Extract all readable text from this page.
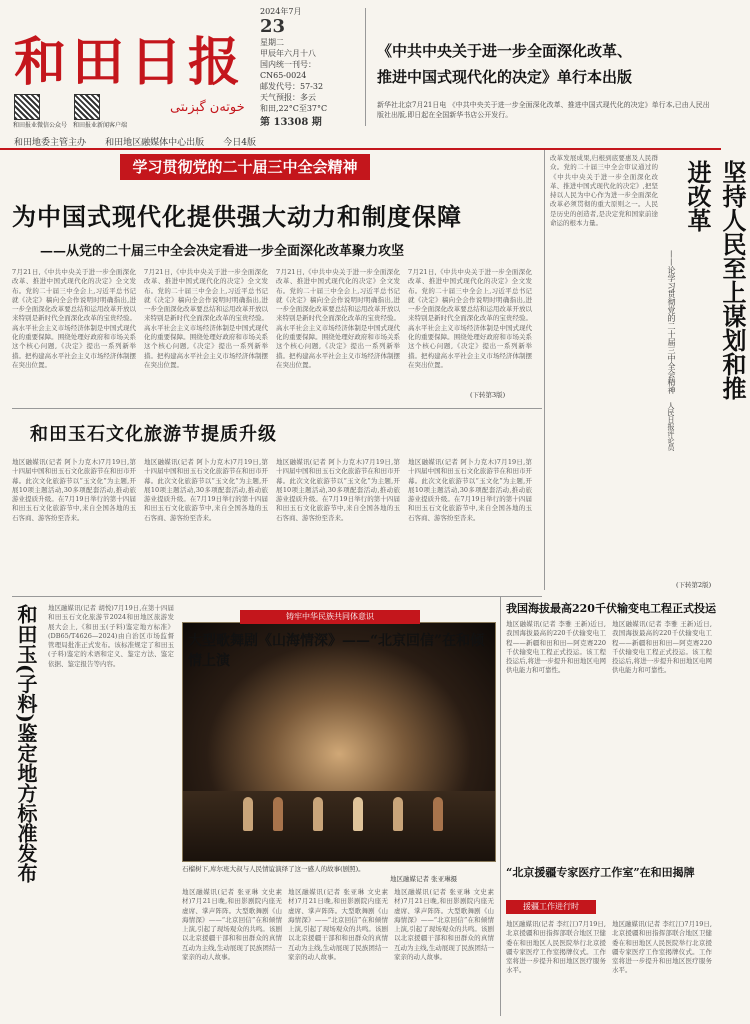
和田日报
خوتەن گېزىتى
和田报业微信公众号 和田报业新闻客户端
2024年7月
23
星期二
甲辰年六月十八
国内统一刊号：CN65-0024
邮发代号：57-32
天气预报：多云
和田,22°C至37°C
第 13308 期
《中共中央关于进一步全面深化改革、
推进中国式现代化的决定》单行本出版
新华社北京7月21日电 《中共中央关于进一步全面深化改革、推进中国式现代化的决定》单行本,已由人民出版社出版,即日起在全国新华书店公开发行。
和田地委主管主办 和田地区融媒体中心出版 今日4版
学习贯彻党的二十届三中全会精神
为中国式现代化提供强大动力和制度保障
——从党的二十届三中全会决定看进一步全面深化改革聚力攻坚
7月21日,《中共中央关于进一步全面深化改革、推进中国式现代化的决定》全文发布。党的二十届三中全会上,习近平总书记就《决定》稿向全会作说明时明确指出,进一步全面深化改革要总结和运用改革开放以来特别是新时代全面深化改革的宝贵经验。高水平社会主义市场经济体制是中国式现代化的重要保障。围绕处理好政府和市场关系这个核心问题,《决定》提出一系列新举措。把构建高水平社会主义市场经济体制摆在突出位置。
7月21日,《中共中央关于进一步全面深化改革、推进中国式现代化的决定》全文发布。党的二十届三中全会上,习近平总书记就《决定》稿向全会作说明时明确指出,进一步全面深化改革要总结和运用改革开放以来特别是新时代全面深化改革的宝贵经验。高水平社会主义市场经济体制是中国式现代化的重要保障。围绕处理好政府和市场关系这个核心问题,《决定》提出一系列新举措。把构建高水平社会主义市场经济体制摆在突出位置。
7月21日,《中共中央关于进一步全面深化改革、推进中国式现代化的决定》全文发布。党的二十届三中全会上,习近平总书记就《决定》稿向全会作说明时明确指出,进一步全面深化改革要总结和运用改革开放以来特别是新时代全面深化改革的宝贵经验。高水平社会主义市场经济体制是中国式现代化的重要保障。围绕处理好政府和市场关系这个核心问题,《决定》提出一系列新举措。把构建高水平社会主义市场经济体制摆在突出位置。
7月21日,《中共中央关于进一步全面深化改革、推进中国式现代化的决定》全文发布。党的二十届三中全会上,习近平总书记就《决定》稿向全会作说明时明确指出,进一步全面深化改革要总结和运用改革开放以来特别是新时代全面深化改革的宝贵经验。高水平社会主义市场经济体制是中国式现代化的重要保障。围绕处理好政府和市场关系这个核心问题,《决定》提出一系列新举措。把构建高水平社会主义市场经济体制摆在突出位置。
(下转第3版)
改革发展成果,归根到底要惠及人民群众。党的二十届三中全会审议通过的《中共中央关于进一步全面深化改革、推进中国式现代化的决定》,把坚持以人民为中心作为进一步全面深化改革必须贯彻的重大原则之一。人民是历史的创造者,是决定党和国家前途命运的根本力量。	坚持人民至上谋划和推进改革
——论学习贯彻党的二十届三中全会精神
人民日报评论员
(下转第2版)
和田玉石文化旅游节提质升级
地区融媒讯(记者 阿卜力克木)7月19日,第十四届中国和田玉石文化旅游节在和田市开幕。此次文化旅游节以“玉文化”为主题,开展10项主题活动,30多项配套活动,推动旅游业提质升级。在7月19日举行的第十四届和田玉石文化旅游节中,来自全国各地的玉石客商、游客纷至沓来。
地区融媒讯(记者 阿卜力克木)7月19日,第十四届中国和田玉石文化旅游节在和田市开幕。此次文化旅游节以“玉文化”为主题,开展10项主题活动,30多项配套活动,推动旅游业提质升级。在7月19日举行的第十四届和田玉石文化旅游节中,来自全国各地的玉石客商、游客纷至沓来。
地区融媒讯(记者 阿卜力克木)7月19日,第十四届中国和田玉石文化旅游节在和田市开幕。此次文化旅游节以“玉文化”为主题,开展10项主题活动,30多项配套活动,推动旅游业提质升级。在7月19日举行的第十四届和田玉石文化旅游节中,来自全国各地的玉石客商、游客纷至沓来。
地区融媒讯(记者 阿卜力克木)7月19日,第十四届中国和田玉石文化旅游节在和田市开幕。此次文化旅游节以“玉文化”为主题,开展10项主题活动,30多项配套活动,推动旅游业提质升级。在7月19日举行的第十四届和田玉石文化旅游节中,来自全国各地的玉石客商、游客纷至沓来。
和田玉(子料)鉴定地方标准发布	地区融媒讯(记者 胡悦)7月19日,在第十四届和田玉石文化旅游节2024和田地区旅游发展大会上,《和田玉(子料)鉴定地方标准》(DB65/T4626—2024)由自治区市场监督管理局批准正式发布。该标准规定了和田玉(子料)鉴定的术语和定义、鉴定方法、鉴定依据、鉴定报告等内容。
铸牢中华民族共同体意识
大型歌舞剧《山海情深》——“北京回信”在和倾情上演
石榴树下,库尔班大叔与人民情谊演绎了这一感人的故事(剧照)。
地区融媒记者 张亚琳摄
地区融媒讯(记者 张亚琳 文史素材)7月21日晚,和田影剧院内座无虚席、掌声阵阵。大型歌舞剧《山海情深》——“北京回信”在和倾情上演,引起了现场观众的共鸣。该剧以北京援疆干部和和田群众的真情互动为主线,生动展现了民族团结一家亲的动人故事。
地区融媒讯(记者 张亚琳 文史素材)7月21日晚,和田影剧院内座无虚席、掌声阵阵。大型歌舞剧《山海情深》——“北京回信”在和倾情上演,引起了现场观众的共鸣。该剧以北京援疆干部和和田群众的真情互动为主线,生动展现了民族团结一家亲的动人故事。
地区融媒讯(记者 张亚琳 文史素材)7月21日晚,和田影剧院内座无虚席、掌声阵阵。大型歌舞剧《山海情深》——“北京回信”在和倾情上演,引起了现场观众的共鸣。该剧以北京援疆干部和和田群众的真情互动为主线,生动展现了民族团结一家亲的动人故事。
我国海拔最高220千伏输变电工程正式投运
地区融媒讯(记者 李雅 王新)近日,我国海拔最高的220千伏输变电工程——新疆和田和田—阿克赛220千伏输变电工程正式投运。该工程投运后,将进一步提升和田地区电网供电能力和可靠性。
地区融媒讯(记者 李雅 王新)近日,我国海拔最高的220千伏输变电工程——新疆和田和田—阿克赛220千伏输变电工程正式投运。该工程投运后,将进一步提升和田地区电网供电能力和可靠性。
“北京援疆专家医疗工作室”在和田揭牌
援疆工作进行时
地区融媒讯(记者 李红江)7月19日,北京援疆和田指挥部联合地区卫健委在和田地区人民医院举行北京援疆专家医疗工作室揭牌仪式。工作室将进一步提升和田地区医疗服务水平。
地区融媒讯(记者 李红江)7月19日,北京援疆和田指挥部联合地区卫健委在和田地区人民医院举行北京援疆专家医疗工作室揭牌仪式。工作室将进一步提升和田地区医疗服务水平。
